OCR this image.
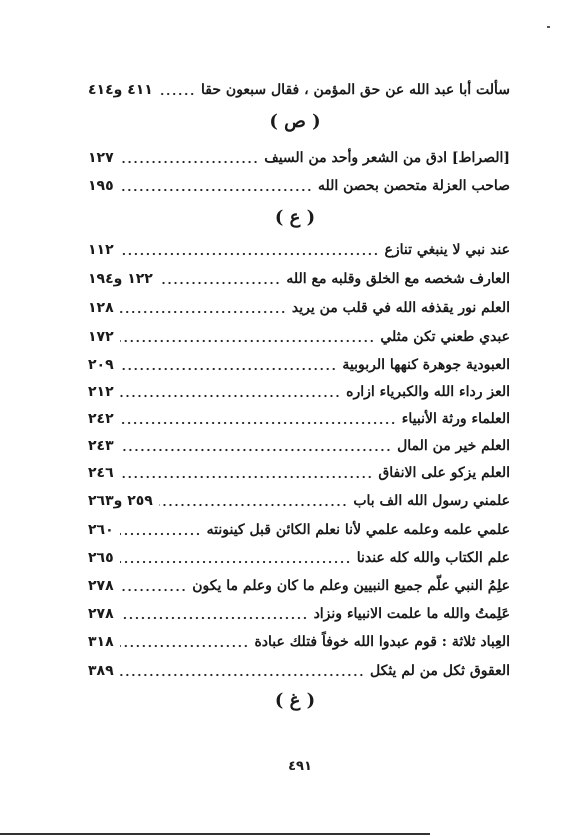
سألت أبا عبد الله عن حق المؤمن ، فقال سبعون حقا
٤١١ و٤١٤
( ص )
[الصراط] ادق من الشعر وأحد من السيف
١٢٧
صاحب العزلة متحصن بحصن الله
١٩٥
( ع )
عند نبي لا ينبغي تنازع
١١٢
العارف شخصه مع الخلق وقلبه مع الله
١٢٢ و١٩٤
العلم نور يقذفه الله في قلب من يريد
١٢٨
عبدي طعني تكن مثلي
١٧٢
العبودية جوهرة كنهها الربوبية
٢٠٩
العز رداء الله والكبرياء ازاره
٢١٢
العلماء ورثة الأنبياء
٢٤٢
العلم خير من المال
٢٤٣
العلم يزكو على الانفاق
٢٤٦
علمني رسول الله الف باب
٢٥٩ و٢٦٣
علمي علمه وعلمه علمي لأنا نعلم الكائن قبل كينونته
٢٦٠
علم الكتاب والله كله عندنا
٢٦٥
علِمُ النبي علّم جميع النبيين وعلم ما كان وعلم ما يكون
٢٧٨
عَلِمتُ والله ما علمت الانبياء ونزاد
٢٧٨
العِباد ثلاثة : قوم عبدوا الله خوفاً فتلك عبادة
٣١٨
العقوق ثكل من لم يثكل
٣٨٩
( غ )
٤٩١
